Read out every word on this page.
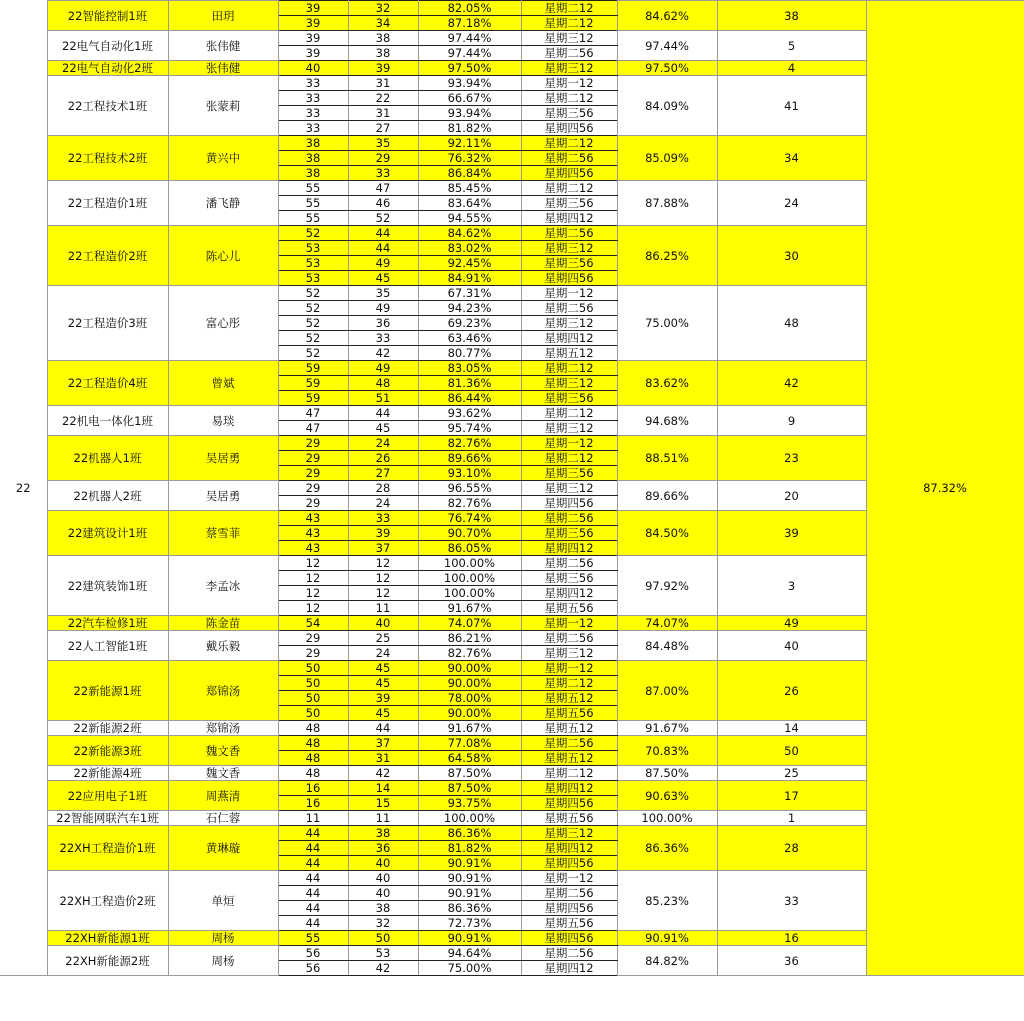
22	22智能控制1班	田玥	39	32	82.05%	星期二12	84.62%	38	87.32%
			39	34	87.18%	星期二12			
	22电气自动化1班	张伟健	39	38	97.44%	星期三12	97.44%	5	
			39	38	97.44%	星期二56			
	22电气自动化2班	张伟健	40	39	97.50%	星期三12	97.50%	4	
	22工程技术1班	张蒙莉	33	31	93.94%	星期一12	84.09%	41	
			33	22	66.67%	星期二12			
			33	31	93.94%	星期三56			
			33	27	81.82%	星期四56			
	22工程技术2班	黄兴中	38	35	92.11%	星期二12	85.09%	34	
			38	29	76.32%	星期二56			
			38	33	86.84%	星期四56			
	22工程造价1班	潘飞静	55	47	85.45%	星期二12	87.88%	24	
			55	46	83.64%	星期三56			
			55	52	94.55%	星期四12			
	22工程造价2班	陈心儿	52	44	84.62%	星期二56	86.25%	30	
			53	44	83.02%	星期三12			
			53	49	92.45%	星期三56			
			53	45	84.91%	星期四56			
	22工程造价3班	富心彤	52	35	67.31%	星期一12	75.00%	48	
			52	49	94.23%	星期二56			
			52	36	69.23%	星期三12			
			52	33	63.46%	星期四12			
			52	42	80.77%	星期五12			
	22工程造价4班	曾斌	59	49	83.05%	星期二12	83.62%	42	
			59	48	81.36%	星期三12			
			59	51	86.44%	星期三56			
	22机电一体化1班	易琰	47	44	93.62%	星期二12	94.68%	9	
			47	45	95.74%	星期三12			
	22机器人1班	吴居勇	29	24	82.76%	星期一12	88.51%	23	
			29	26	89.66%	星期二12			
			29	27	93.10%	星期三56			
	22机器人2班	吴居勇	29	28	96.55%	星期三12	89.66%	20	
			29	24	82.76%	星期四56			
	22建筑设计1班	蔡雪菲	43	33	76.74%	星期二56	84.50%	39	
			43	39	90.70%	星期三56			
			43	37	86.05%	星期四12			
	22建筑装饰1班	李孟冰	12	12	100.00%	星期二56	97.92%	3	
			12	12	100.00%	星期三56			
			12	12	100.00%	星期四12			
			12	11	91.67%	星期五56			
	22汽车检修1班	陈金苗	54	40	74.07%	星期一12	74.07%	49	
	22人工智能1班	戴乐毅	29	25	86.21%	星期二56	84.48%	40	
			29	24	82.76%	星期三12			
	22新能源1班	郑锦汤	50	45	90.00%	星期一12	87.00%	26	
			50	45	90.00%	星期二12			
			50	39	78.00%	星期五12			
			50	45	90.00%	星期五56			
	22新能源2班	郑锦汤	48	44	91.67%	星期五12	91.67%	14	
	22新能源3班	魏文香	48	37	77.08%	星期二56	70.83%	50	
			48	31	64.58%	星期五12			
	22新能源4班	魏文香	48	42	87.50%	星期二12	87.50%	25	
	22应用电子1班	周燕清	16	14	87.50%	星期四12	90.63%	17	
			16	15	93.75%	星期四56			
	22智能网联汽车1班	石仁蓉	11	11	100.00%	星期五56	100.00%	1	
	22XH工程造价1班	黄琳璇	44	38	86.36%	星期三12	86.36%	28	
			44	36	81.82%	星期四12			
			44	40	90.91%	星期四56			
	22XH工程造价2班	单烜	44	40	90.91%	星期一12	85.23%	33	
			44	40	90.91%	星期二56			
			44	38	86.36%	星期四56			
			44	32	72.73%	星期五56			
	22XH新能源1班	周杨	55	50	90.91%	星期四56	90.91%	16	
	22XH新能源2班	周杨	56	53	94.64%	星期二56	84.82%	36	
			56	42	75.00%	星期四12			
